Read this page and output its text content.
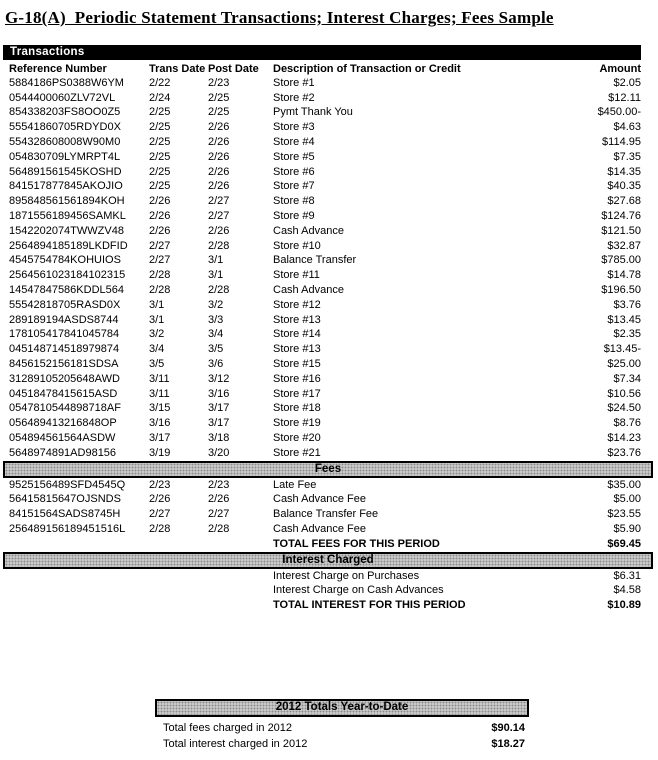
G-18(A)  Periodic Statement Transactions; Interest Charges; Fees Sample
Transactions
Reference Number	Trans Date	Post Date	Description of Transaction or Credit	Amount
5884186PS0388W6YM	2/22	2/23	Store #1	$2.05
0544400060ZLV72VL	2/24	2/25	Store #2	$12.11
854338203FS8OO0Z5	2/25	2/25	Pymt Thank You	$450.00-
55541860705RDYD0X	2/25	2/26	Store #3	$4.63
554328608008W90M0	2/25	2/26	Store #4	$114.95
054830709LYMRPT4L	2/25	2/26	Store #5	$7.35
564891561545KOSHD	2/25	2/26	Store #6	$14.35
841517877845AKOJIO	2/25	2/26	Store #7	$40.35
895848561561894KOH	2/26	2/27	Store #8	$27.68
1871556189456SAMKL	2/26	2/27	Store #9	$124.76
1542202074TWWZV48	2/26	2/26	Cash Advance	$121.50
2564894185189LKDFID	2/27	2/28	Store #10	$32.87
4545754784KOHUIOS	2/27	3/1	Balance Transfer	$785.00
2564561023184102315	2/28	3/1	Store #11	$14.78
14547847586KDDL564	2/28	2/28	Cash Advance	$196.50
55542818705RASD0X	3/1	3/2	Store #12	$3.76
289189194ASDS8744	3/1	3/3	Store #13	$13.45
178105417841045784	3/2	3/4	Store #14	$2.35
045148714518979874	3/4	3/5	Store #13	$13.45-
8456152156181SDSA	3/5	3/6	Store #15	$25.00
31289105205648AWD	3/11	3/12	Store #16	$7.34
04518478415615ASD	3/11	3/16	Store #17	$10.56
0547810544898718AF	3/15	3/17	Store #18	$24.50
056489413216848OP	3/16	3/17	Store #19	$8.76
054894561564ASDW	3/17	3/18	Store #20	$14.23
5648974891AD98156	3/19	3/20	Store #21	$23.76
Fees
9525156489SFD4545Q	2/23	2/23	Late Fee	$35.00
56415815647OJSNDS	2/26	2/26	Cash Advance Fee	$5.00
84151564SADS8745H	2/27	2/27	Balance Transfer Fee	$23.55
256489156189451516L	2/28	2/28	Cash Advance Fee	$5.90
			TOTAL FEES FOR THIS PERIOD	$69.45
Interest Charged
	Interest Charge on Purchases	$6.31
	Interest Charge on Cash Advances	$4.58
	TOTAL INTEREST FOR THIS PERIOD	$10.89
2012 Totals Year-to-Date
Total fees charged in 2012	$90.14
Total interest charged in 2012	$18.27
